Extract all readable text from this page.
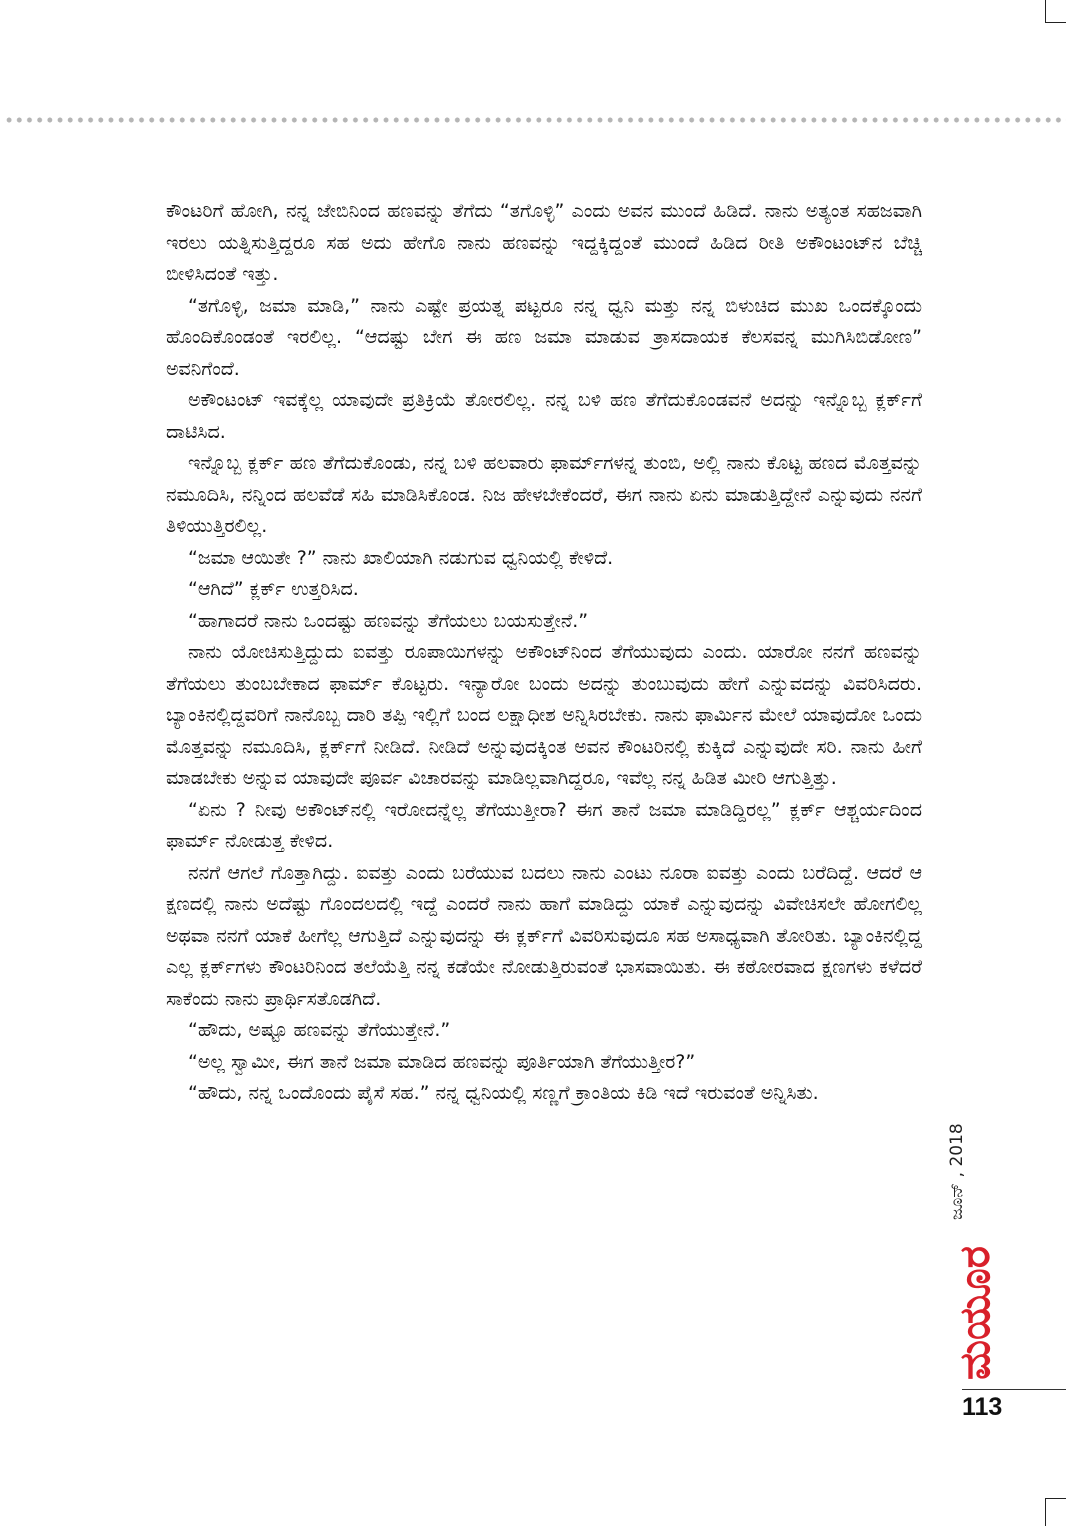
ಕೌಂಟರಿಗೆ ಹೋಗಿ, ನನ್ನ ಜೇಬಿನಿಂದ ಹಣವನ್ನು ತೆಗೆದು “ತಗೊಳ್ಳಿ” ಎಂದು ಅವನ ಮುಂದೆ ಹಿಡಿದೆ. ನಾನು ಅತ್ಯಂತ ಸಹಜವಾಗಿ ಇರಲು ಯತ್ನಿಸುತ್ತಿದ್ದರೂ ಸಹ ಅದು ಹೇಗೊ ನಾನು ಹಣವನ್ನು ಇದ್ದಕ್ಕಿದ್ದಂತೆ ಮುಂದೆ ಹಿಡಿದ ರೀತಿ ಅಕೌಂಟಂಟ್‌ನ ಬೆಚ್ಚಿ ಬೀಳಿಸಿದಂತೆ ಇತ್ತು.

“ತಗೊಳ್ಳಿ, ಜಮಾ ಮಾಡಿ,” ನಾನು ಎಷ್ಟೇ ಪ್ರಯತ್ನ ಪಟ್ಟರೂ ನನ್ನ ಧ್ವನಿ ಮತ್ತು ನನ್ನ ಬಿಳುಚಿದ ಮುಖ ಒಂದಕ್ಕೊಂದು ಹೊಂದಿಕೊಂಡಂತೆ ಇರಲಿಲ್ಲ. “ಆದಷ್ಟು ಬೇಗ ಈ ಹಣ ಜಮಾ ಮಾಡುವ ತ್ರಾಸದಾಯಕ ಕೆಲಸವನ್ನ ಮುಗಿಸಿಬಿಡೋಣ” ಅವನಿಗೆಂದೆ.

ಅಕೌಂಟಂಟ್ ಇವಕ್ಕೆಲ್ಲ ಯಾವುದೇ ಪ್ರತಿಕ್ರಿಯೆ ತೋರಲಿಲ್ಲ. ನನ್ನ ಬಳಿ ಹಣ ತೆಗೆದುಕೊಂಡವನೆ ಅದನ್ನು ಇನ್ನೊಬ್ಬ ಕ್ಲರ್ಕ್‌ಗೆ ದಾಟಿಸಿದ.

ಇನ್ನೊಬ್ಬ ಕ್ಲರ್ಕ್ ಹಣ ತೆಗೆದುಕೊಂಡು, ನನ್ನ ಬಳಿ ಹಲವಾರು ಫಾರ್ಮ್‌ಗಳನ್ನ ತುಂಬಿ, ಅಲ್ಲಿ ನಾನು ಕೊಟ್ಟ ಹಣದ ಮೊತ್ತವನ್ನು ನಮೂದಿಸಿ, ನನ್ನಿಂದ ಹಲವೆಡೆ ಸಹಿ ಮಾಡಿಸಿಕೊಂಡ. ನಿಜ ಹೇಳಬೇಕೆಂದರೆ, ಈಗ ನಾನು ಏನು ಮಾಡುತ್ತಿದ್ದೇನೆ ಎನ್ನುವುದು ನನಗೆ ತಿಳಿಯುತ್ತಿರಲಿಲ್ಲ.

“ಜಮಾ ಆಯಿತೇ ?” ನಾನು ಖಾಲಿಯಾಗಿ ನಡುಗುವ ಧ್ವನಿಯಲ್ಲಿ ಕೇಳಿದೆ.

“ಆಗಿದೆ” ಕ್ಲರ್ಕ್ ಉತ್ತರಿಸಿದ.

“ಹಾಗಾದರೆ ನಾನು ಒಂದಷ್ಟು ಹಣವನ್ನು ತೆಗೆಯಲು ಬಯಸುತ್ತೇನೆ.”

ನಾನು ಯೋಚಿಸುತ್ತಿದ್ದುದು ಐವತ್ತು ರೂಪಾಯಿಗಳನ್ನು ಅಕೌಂಟ್‌ನಿಂದ ತೆಗೆಯುವುದು ಎಂದು. ಯಾರೋ ನನಗೆ ಹಣವನ್ನು ತೆಗೆಯಲು ತುಂಬಬೇಕಾದ ಫಾರ್ಮ್ ಕೊಟ್ಟರು. ಇನ್ಯಾರೋ ಬಂದು ಅದನ್ನು ತುಂಬುವುದು ಹೇಗೆ ಎನ್ನುವದನ್ನು ವಿವರಿಸಿದರು. ಬ್ಯಾಂಕಿನಲ್ಲಿದ್ದವರಿಗೆ ನಾನೊಬ್ಬ ದಾರಿ ತಪ್ಪಿ ಇಲ್ಲಿಗೆ ಬಂದ ಲಕ್ಷಾಧೀಶ ಅನ್ನಿಸಿರಬೇಕು. ನಾನು ಫಾರ್ಮಿನ ಮೇಲೆ ಯಾವುದೋ ಒಂದು ಮೊತ್ತವನ್ನು ನಮೂದಿಸಿ, ಕ್ಲರ್ಕ್‌ಗೆ ನೀಡಿದೆ. ನೀಡಿದೆ ಅನ್ನುವುದಕ್ಕಿಂತ ಅವನ ಕೌಂಟರಿನಲ್ಲಿ ಕುಕ್ಕಿದೆ ಎನ್ನುವುದೇ ಸರಿ. ನಾನು ಹೀಗೆ ಮಾಡಬೇಕು ಅನ್ನುವ ಯಾವುದೇ ಪೂರ್ವ ವಿಚಾರವನ್ನು ಮಾಡಿಲ್ಲವಾಗಿದ್ದರೂ, ಇವೆಲ್ಲ ನನ್ನ ಹಿಡಿತ ಮೀರಿ ಆಗುತ್ತಿತ್ತು.

“ಏನು ? ನೀವು ಅಕೌಂಟ್‌ನಲ್ಲಿ ಇರೋದನ್ನೆಲ್ಲ ತೆಗೆಯುತ್ತೀರಾ? ಈಗ ತಾನೆ ಜಮಾ ಮಾಡಿದ್ದಿರಲ್ಲ” ಕ್ಲರ್ಕ್ ಆಶ್ಚರ್ಯದಿಂದ ಫಾರ್ಮ್ ನೋಡುತ್ತ ಕೇಳಿದ.

ನನಗೆ ಆಗಲೆ ಗೊತ್ತಾಗಿದ್ದು. ಐವತ್ತು ಎಂದು ಬರೆಯುವ ಬದಲು ನಾನು ಎಂಟು ನೂರಾ ಐವತ್ತು ಎಂದು ಬರೆದಿದ್ದೆ. ಆದರೆ ಆ ಕ್ಷಣದಲ್ಲಿ ನಾನು ಅದೆಷ್ಟು ಗೊಂದಲದಲ್ಲಿ ಇದ್ದೆ ಎಂದರೆ ನಾನು ಹಾಗೆ ಮಾಡಿದ್ದು ಯಾಕೆ ಎನ್ನುವುದನ್ನು ವಿವೇಚಿಸಲೇ ಹೋಗಲಿಲ್ಲ ಅಥವಾ ನನಗೆ ಯಾಕೆ ಹೀಗೆಲ್ಲ ಆಗುತ್ತಿದೆ ಎನ್ನುವುದನ್ನು ಈ ಕ್ಲರ್ಕ್‌ಗೆ ವಿವರಿಸುವುದೂ ಸಹ ಅಸಾಧ್ಯವಾಗಿ ತೋರಿತು. ಬ್ಯಾಂಕಿನಲ್ಲಿದ್ದ ಎಲ್ಲ ಕ್ಲರ್ಕ್‌ಗಳು ಕೌಂಟರಿನಿಂದ ತಲೆಯೆತ್ತಿ ನನ್ನ ಕಡೆಯೇ ನೋಡುತ್ತಿರುವಂತೆ ಭಾಸವಾಯಿತು. ಈ ಕಠೋರವಾದ ಕ್ಷಣಗಳು ಕಳೆದರೆ ಸಾಕೆಂದು ನಾನು ಪ್ರಾರ್ಥಿಸತೊಡಗಿದೆ.

“ಹೌದು, ಅಷ್ಟೂ ಹಣವನ್ನು ತೆಗೆಯುತ್ತೇನೆ.”

“ಅಲ್ಲ ಸ್ವಾಮೀ, ಈಗ ತಾನೆ ಜಮಾ ಮಾಡಿದ ಹಣವನ್ನು ಪೂರ್ತಿಯಾಗಿ ತೆಗೆಯುತ್ತೀರ?”

“ಹೌದು, ನನ್ನ ಒಂದೊಂದು ಪೈಸೆ ಸಹ.” ನನ್ನ ಧ್ವನಿಯಲ್ಲಿ ಸಣ್ಣಗೆ ಕ್ರಾಂತಿಯ ಕಿಡಿ ಇದೆ ಇರುವಂತೆ ಅನ್ನಿಸಿತು.

ಜೂನ್ , 2018
ಮಯೂರ
113
